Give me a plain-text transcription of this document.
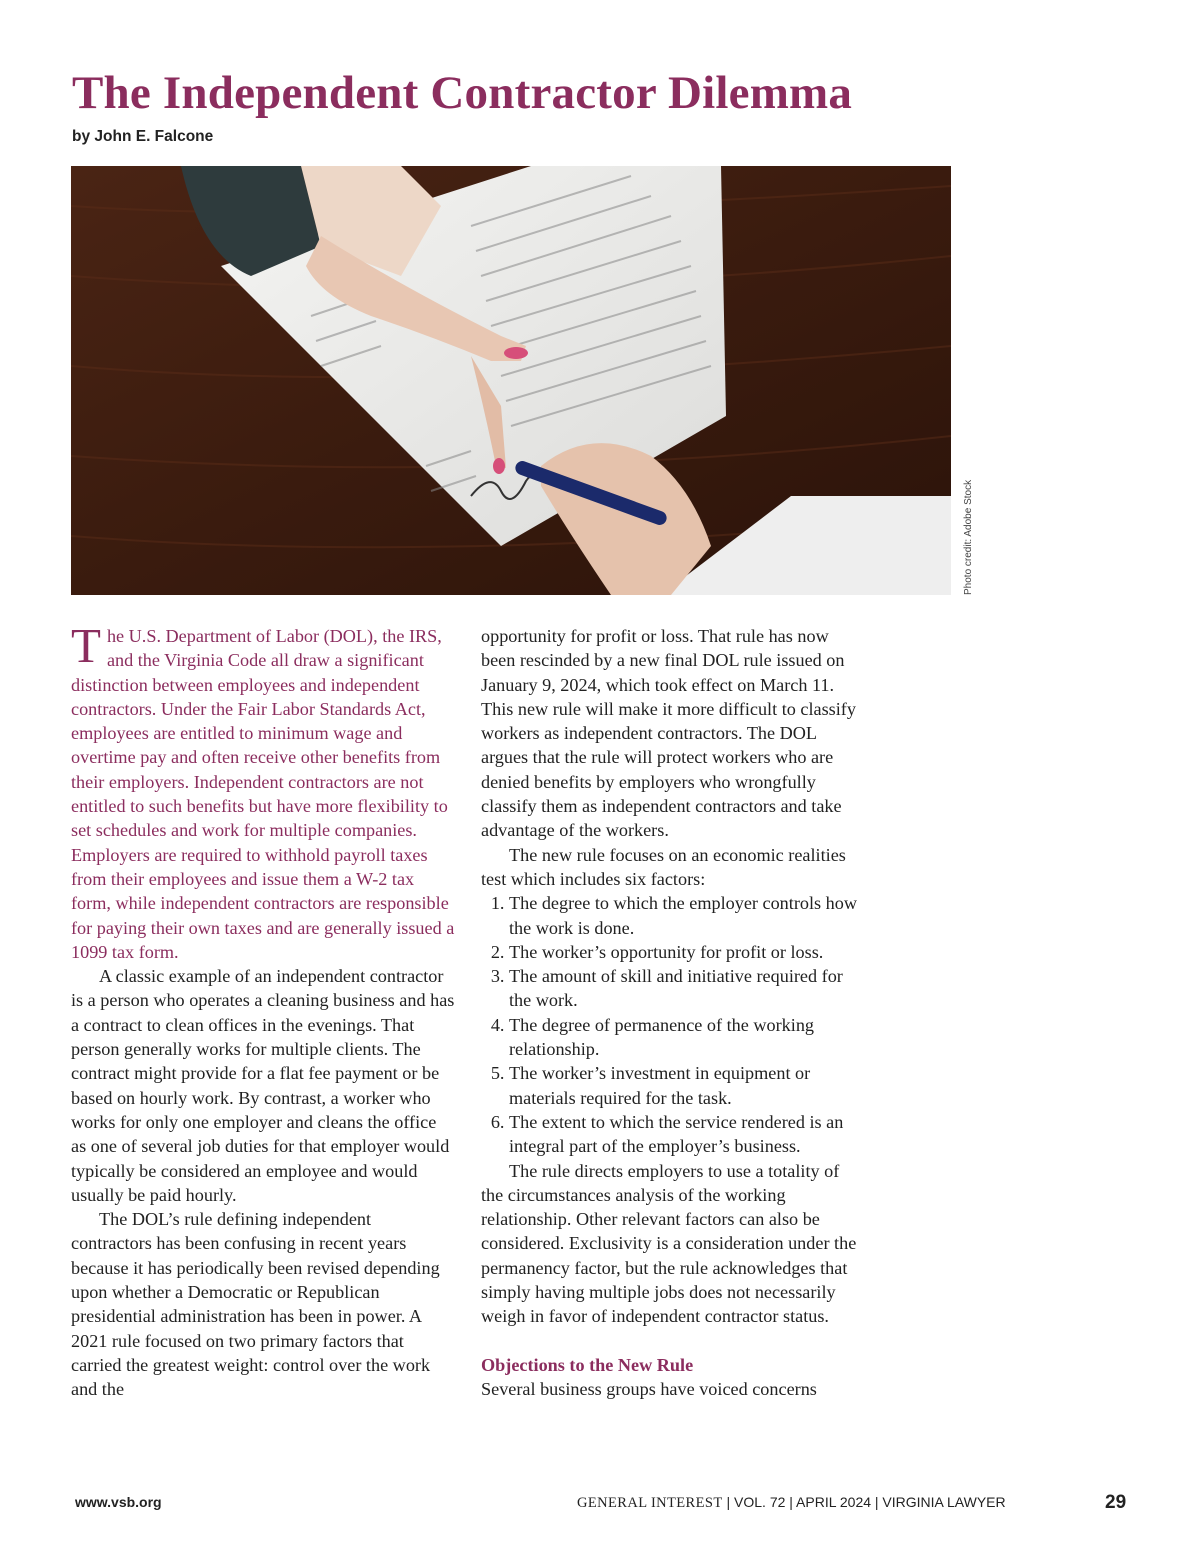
The Independent Contractor Dilemma
by John E. Falcone
Photo credit: Adobe Stock

The U.S. Department of Labor (DOL), the IRS, and the Virginia Code all draw a significant distinction between employees and independent contractors. Under the Fair Labor Standards Act, employees are entitled to minimum wage and overtime pay and often receive other benefits from their employers. Independent contractors are not entitled to such benefits but have more flexibility to set schedules and work for multiple companies. Employers are required to withhold payroll taxes from their employees and issue them a W-2 tax form, while independent contractors are responsible for paying their own taxes and are generally issued a 1099 tax form.

A classic example of an independent contractor is a person who operates a cleaning business and has a contract to clean offices in the evenings. That person generally works for multiple clients. The contract might provide for a flat fee payment or be based on hourly work. By contrast, a worker who works for only one employer and cleans the office as one of several job duties for that employer would typically be considered an employee and would usually be paid hourly.

The DOL’s rule defining independent contractors has been confusing in recent years because it has periodically been revised depending upon whether a Democratic or Republican presidential administration has been in power. A 2021 rule focused on two primary factors that carried the greatest weight: control over the work and the

opportunity for profit or loss. That rule has now been rescinded by a new final DOL rule issued on January 9, 2024, which took effect on March 11. This new rule will make it more difficult to classify workers as independent contractors. The DOL argues that the rule will protect workers who are denied benefits by employers who wrongfully classify them as independent contractors and take advantage of the workers.

The new rule focuses on an economic realities test which includes six factors:

1. The degree to which the employer controls how the work is done.
2. The worker’s opportunity for profit or loss.
3. The amount of skill and initiative required for the work.
4. The degree of permanence of the working relationship.
5. The worker’s investment in equipment or materials required for the task.
6. The extent to which the service rendered is an integral part of the employer’s business.

The rule directs employers to use a totality of the circumstances analysis of the working relationship. Other relevant factors can also be considered. Exclusivity is a consideration under the permanency factor, but the rule acknowledges that simply having multiple jobs does not necessarily weigh in favor of independent contractor status.

Objections to the New Rule

Several business groups have voiced concerns

www.vsb.org	GENERAL INTEREST | VOL. 72 | APRIL 2024 | VIRGINIA LAWYER	29
